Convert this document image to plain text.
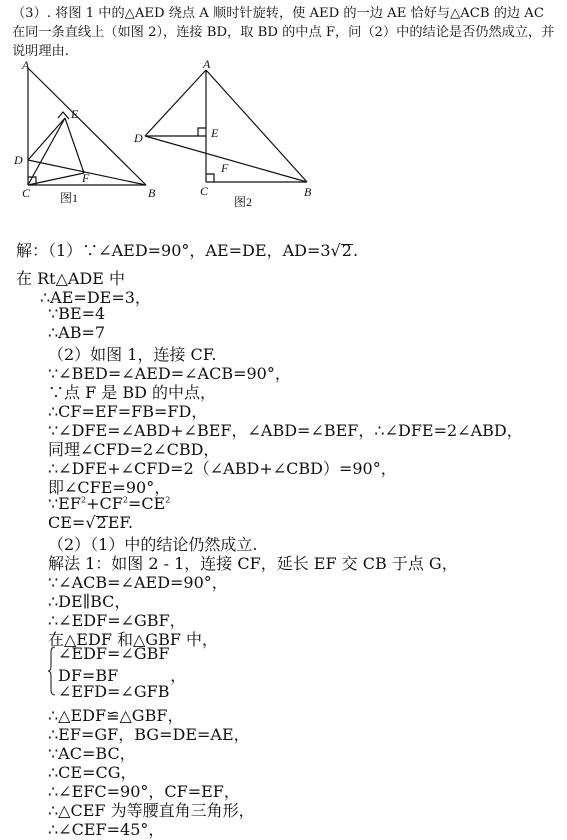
（3）. 将图 1 中的△AED 绕点 A 顺时针旋转，使 AED 的一边 AE 恰好与△ACB 的边 AC 在同一条直线上（如图 2），连接 BD，取 BD 的中点 F，问（2）中的结论是否仍然成立，并说明理由.
A
E
D
C
F
B
图1
A
D	E
F
C	B
图2
解：（1）∵∠AED=90°，AE=DE，AD=3√2.
在 Rt△ADE 中
∴AE=DE=3，
∵BE=4
∴AB=7
（2）如图 1，连接 CF.
∵∠BED=∠AED=∠ACB=90°，
∵点 F 是 BD 的中点，
∴CF=EF=FB=FD，
∵∠DFE=∠ABD+∠BEF，∠ABD=∠BEF，∴∠DFE=2∠ABD，
同理∠CFD=2∠CBD，
∴∠DFE+∠CFD=2（∠ABD+∠CBD）=90°，
即∠CFE=90°，
$\because EF^2+CF^2=CE^2$
CE=√2EF.
（2）（1）中的结论仍然成立.
解法 1：如图 2 - 1，连接 CF，延长 EF 交 CB 于点 G，
∵∠ACB=∠AED=90°，
∴DE∥BC，
∴∠EDF=∠GBF，
在△EDF 和△GBF 中，
∠EDF=∠GBF
DF=BF	，
∠EFD=∠GFB
∴△EDF≌△GBF，
∴EF=GF，BG=DE=AE，
∵AC=BC，
∴CE=CG，
∴∠EFC=90°，CF=EF，
∴△CEF 为等腰直角三角形，
∴∠CEF=45°，
